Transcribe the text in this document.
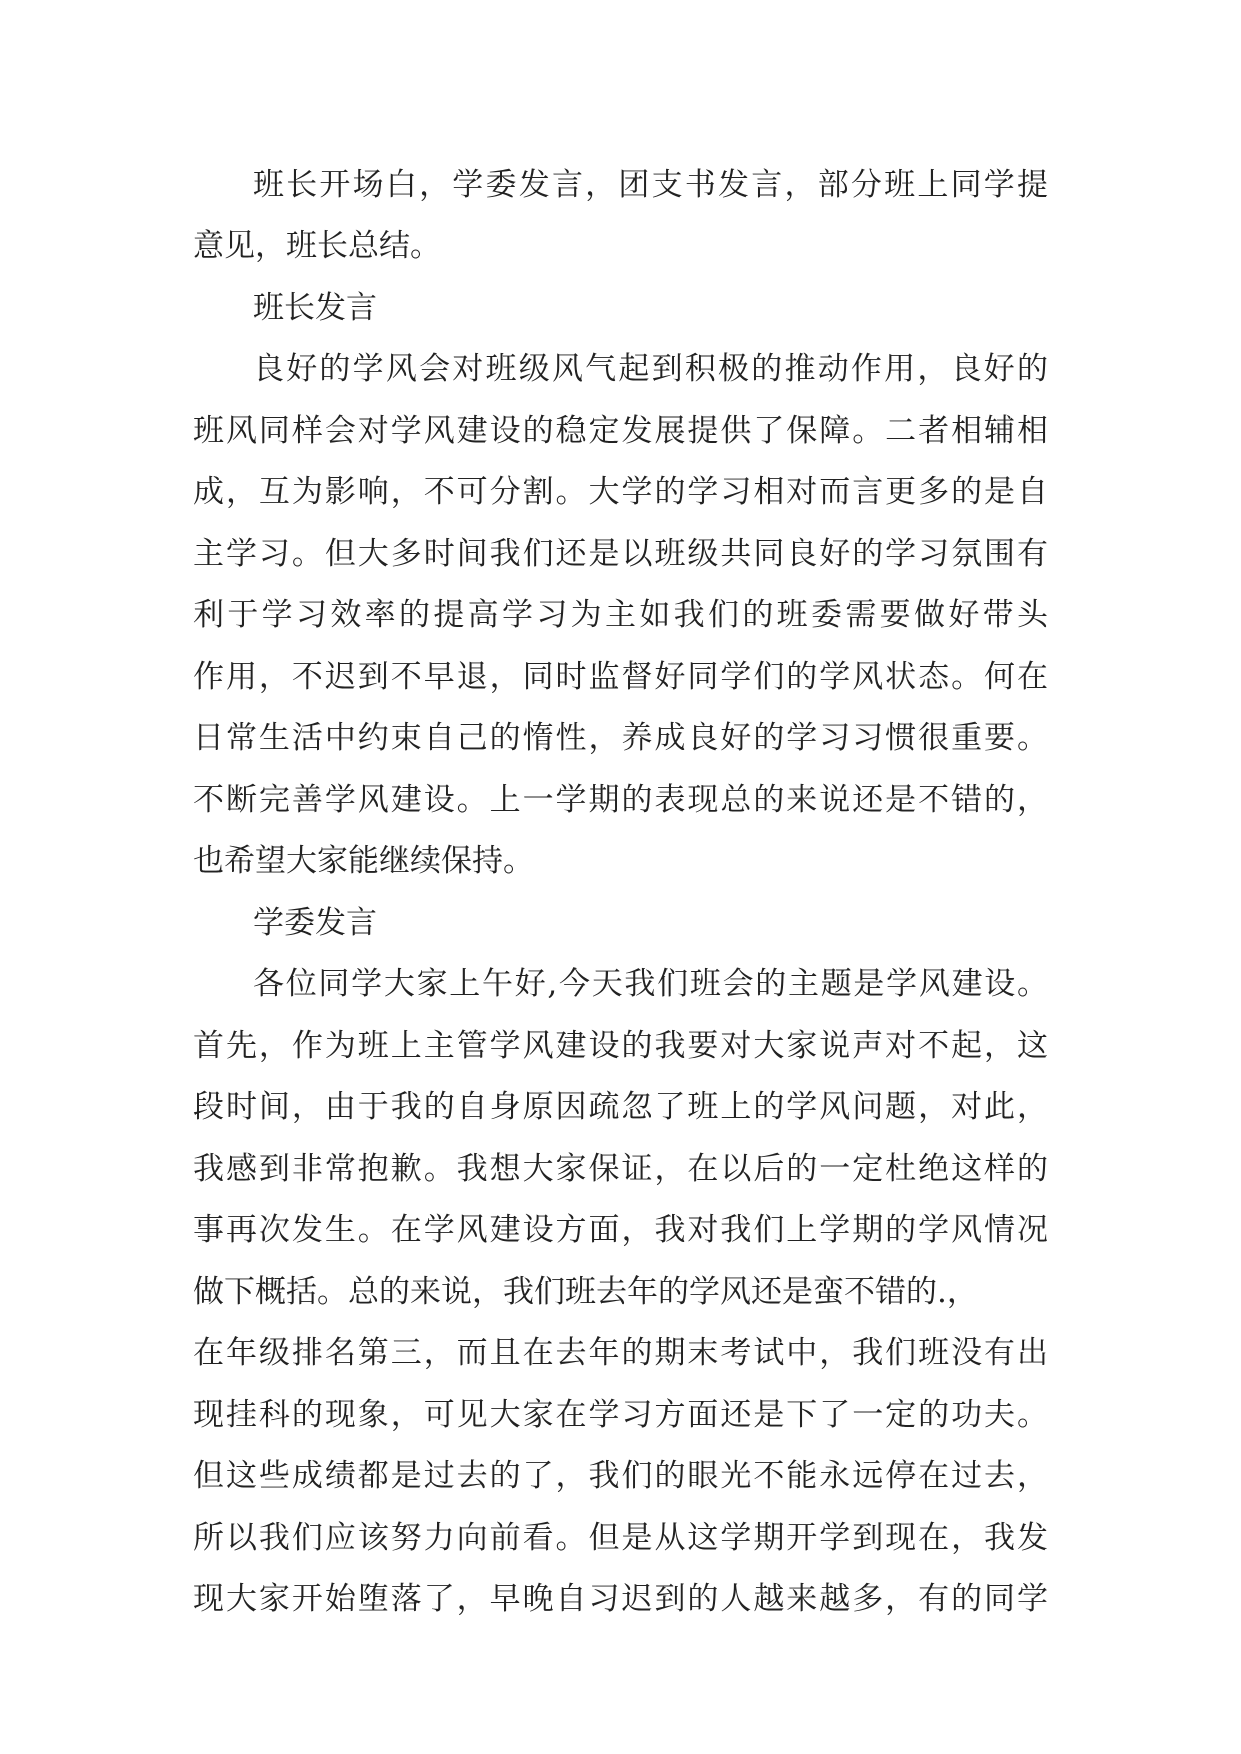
班长开场白，学委发言，团支书发言，部分班上同学提
意见，班长总结。
班长发言
良好的学风会对班级风气起到积极的推动作用，良好的
班风同样会对学风建设的稳定发展提供了保障。二者相辅相
成，互为影响，不可分割。大学的学习相对而言更多的是自
主学习。但大多时间我们还是以班级共同良好的学习氛围有
利于学习效率的提高学习为主如我们的班委需要做好带头
作用，不迟到不早退，同时监督好同学们的学风状态。何在
日常生活中约束自己的惰性，养成良好的学习习惯很重要。
不断完善学风建设。上一学期的表现总的来说还是不错的，
也希望大家能继续保持。
学委发言
各位同学大家上午好,今天我们班会的主题是学风建设。
首先，作为班上主管学风建设的我要对大家说声对不起，这
段时间，由于我的自身原因疏忽了班上的学风问题，对此，
我感到非常抱歉。我想大家保证，在以后的一定杜绝这样的
事再次发生。在学风建设方面，我对我们上学期的学风情况
做下概括。总的来说，我们班去年的学风还是蛮不错的.，
在年级排名第三，而且在去年的期末考试中，我们班没有出
现挂科的现象，可见大家在学习方面还是下了一定的功夫。
但这些成绩都是过去的了，我们的眼光不能永远停在过去，
所以我们应该努力向前看。但是从这学期开学到现在，我发
现大家开始堕落了，早晚自习迟到的人越来越多，有的同学
